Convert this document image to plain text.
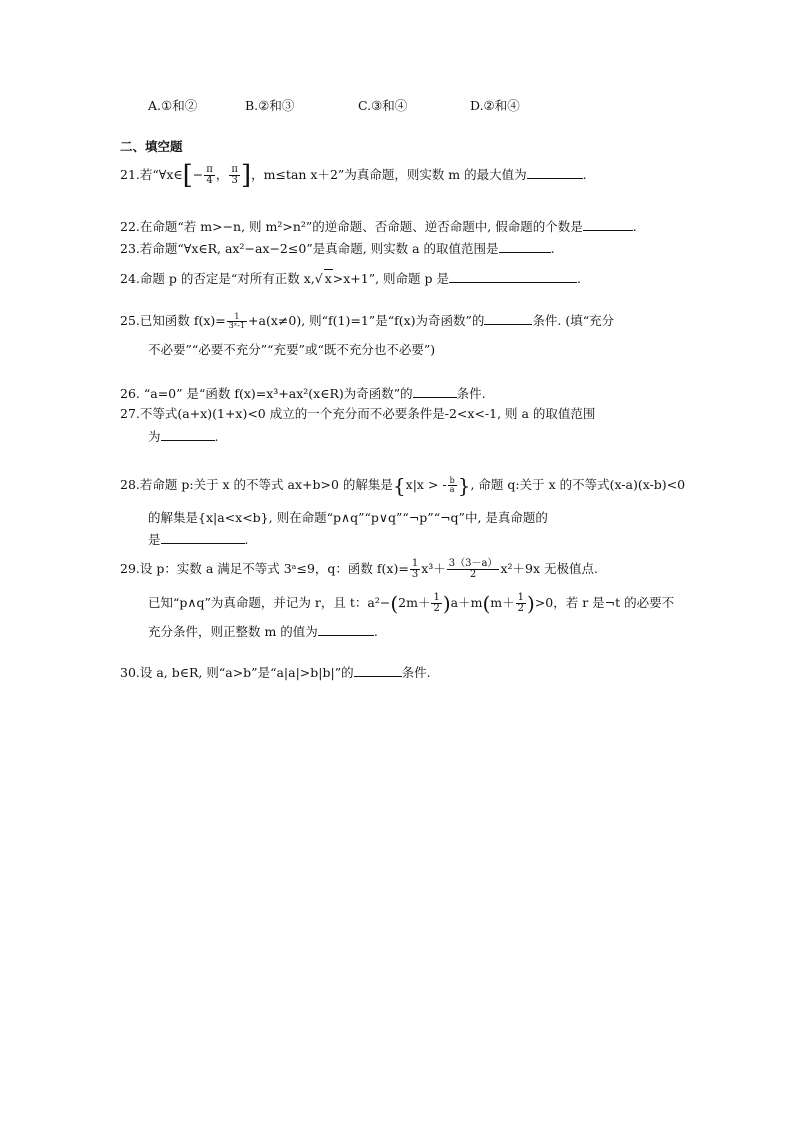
A.①和②	B.②和③	C.③和④	D.②和④
二、填空题
21.若“∀x∈[− $\frac{\pi}{4}$ ， $\frac{\pi}{3}$ ]，m≤tan x＋2”为真命题，则实数 m 的最大值为	.
22.在命题“若 m>−n, 则 m²>n²”的逆命题、否命题、逆否命题中, 假命题的个数是	.
23.若命题“∀x∈R, ax²−ax−2≤0”是真命题, 则实数 a 的取值范围是	.
24.命题 p 的否定是“对所有正数 x,√ x>x+1”, 则命题 p 是	.
25.已知函数 $f(x)= \frac{1}{\text{3ˣ-1}} +a(x\ne 0)$, 则“f(1)=1”是“f(x)为奇函数”的	条件. (填“充分
不必要”“必要不充分”“充要”或“既不充分也不必要”)
26. “a=0” 是“函数 f(x)=x³+ax²(x∈R)为奇函数”的	条件.
27.不等式(a+x)(1+x)<0 成立的一个充分而不必要条件是-2<x<-1, 则 a 的取值范围
为	.
28.若命题 p:关于 x 的不等式 ax+b>0 的解集是{x|x > - $\frac{b}{a}$ }, 命题 q:关于 x 的不等式(x-a)(x-b)<0
的解集是{x|a<x<b}, 则在命题“p∧q”“p∨q”“¬p”“¬q”中, 是真命题的
是	.
29.设 p：实数 a 满足不等式 3ᵃ≤9，q：函数 $f(x)= \frac{1}{3} x^3+ \frac{3(3-a)}{2} x^2+9x$ 无极值点.
已知“p∧q”为真命题，并记为 r，且 t：$a^2-(2m+ \frac{1}{2} )a+m(m+ \frac{1}{2} )>0$，若 r 是¬t 的必要不
充分条件，则正整数 m 的值为	.
30.设 a, b∈R, 则“a>b”是“a|a|>b|b|”的	条件.
